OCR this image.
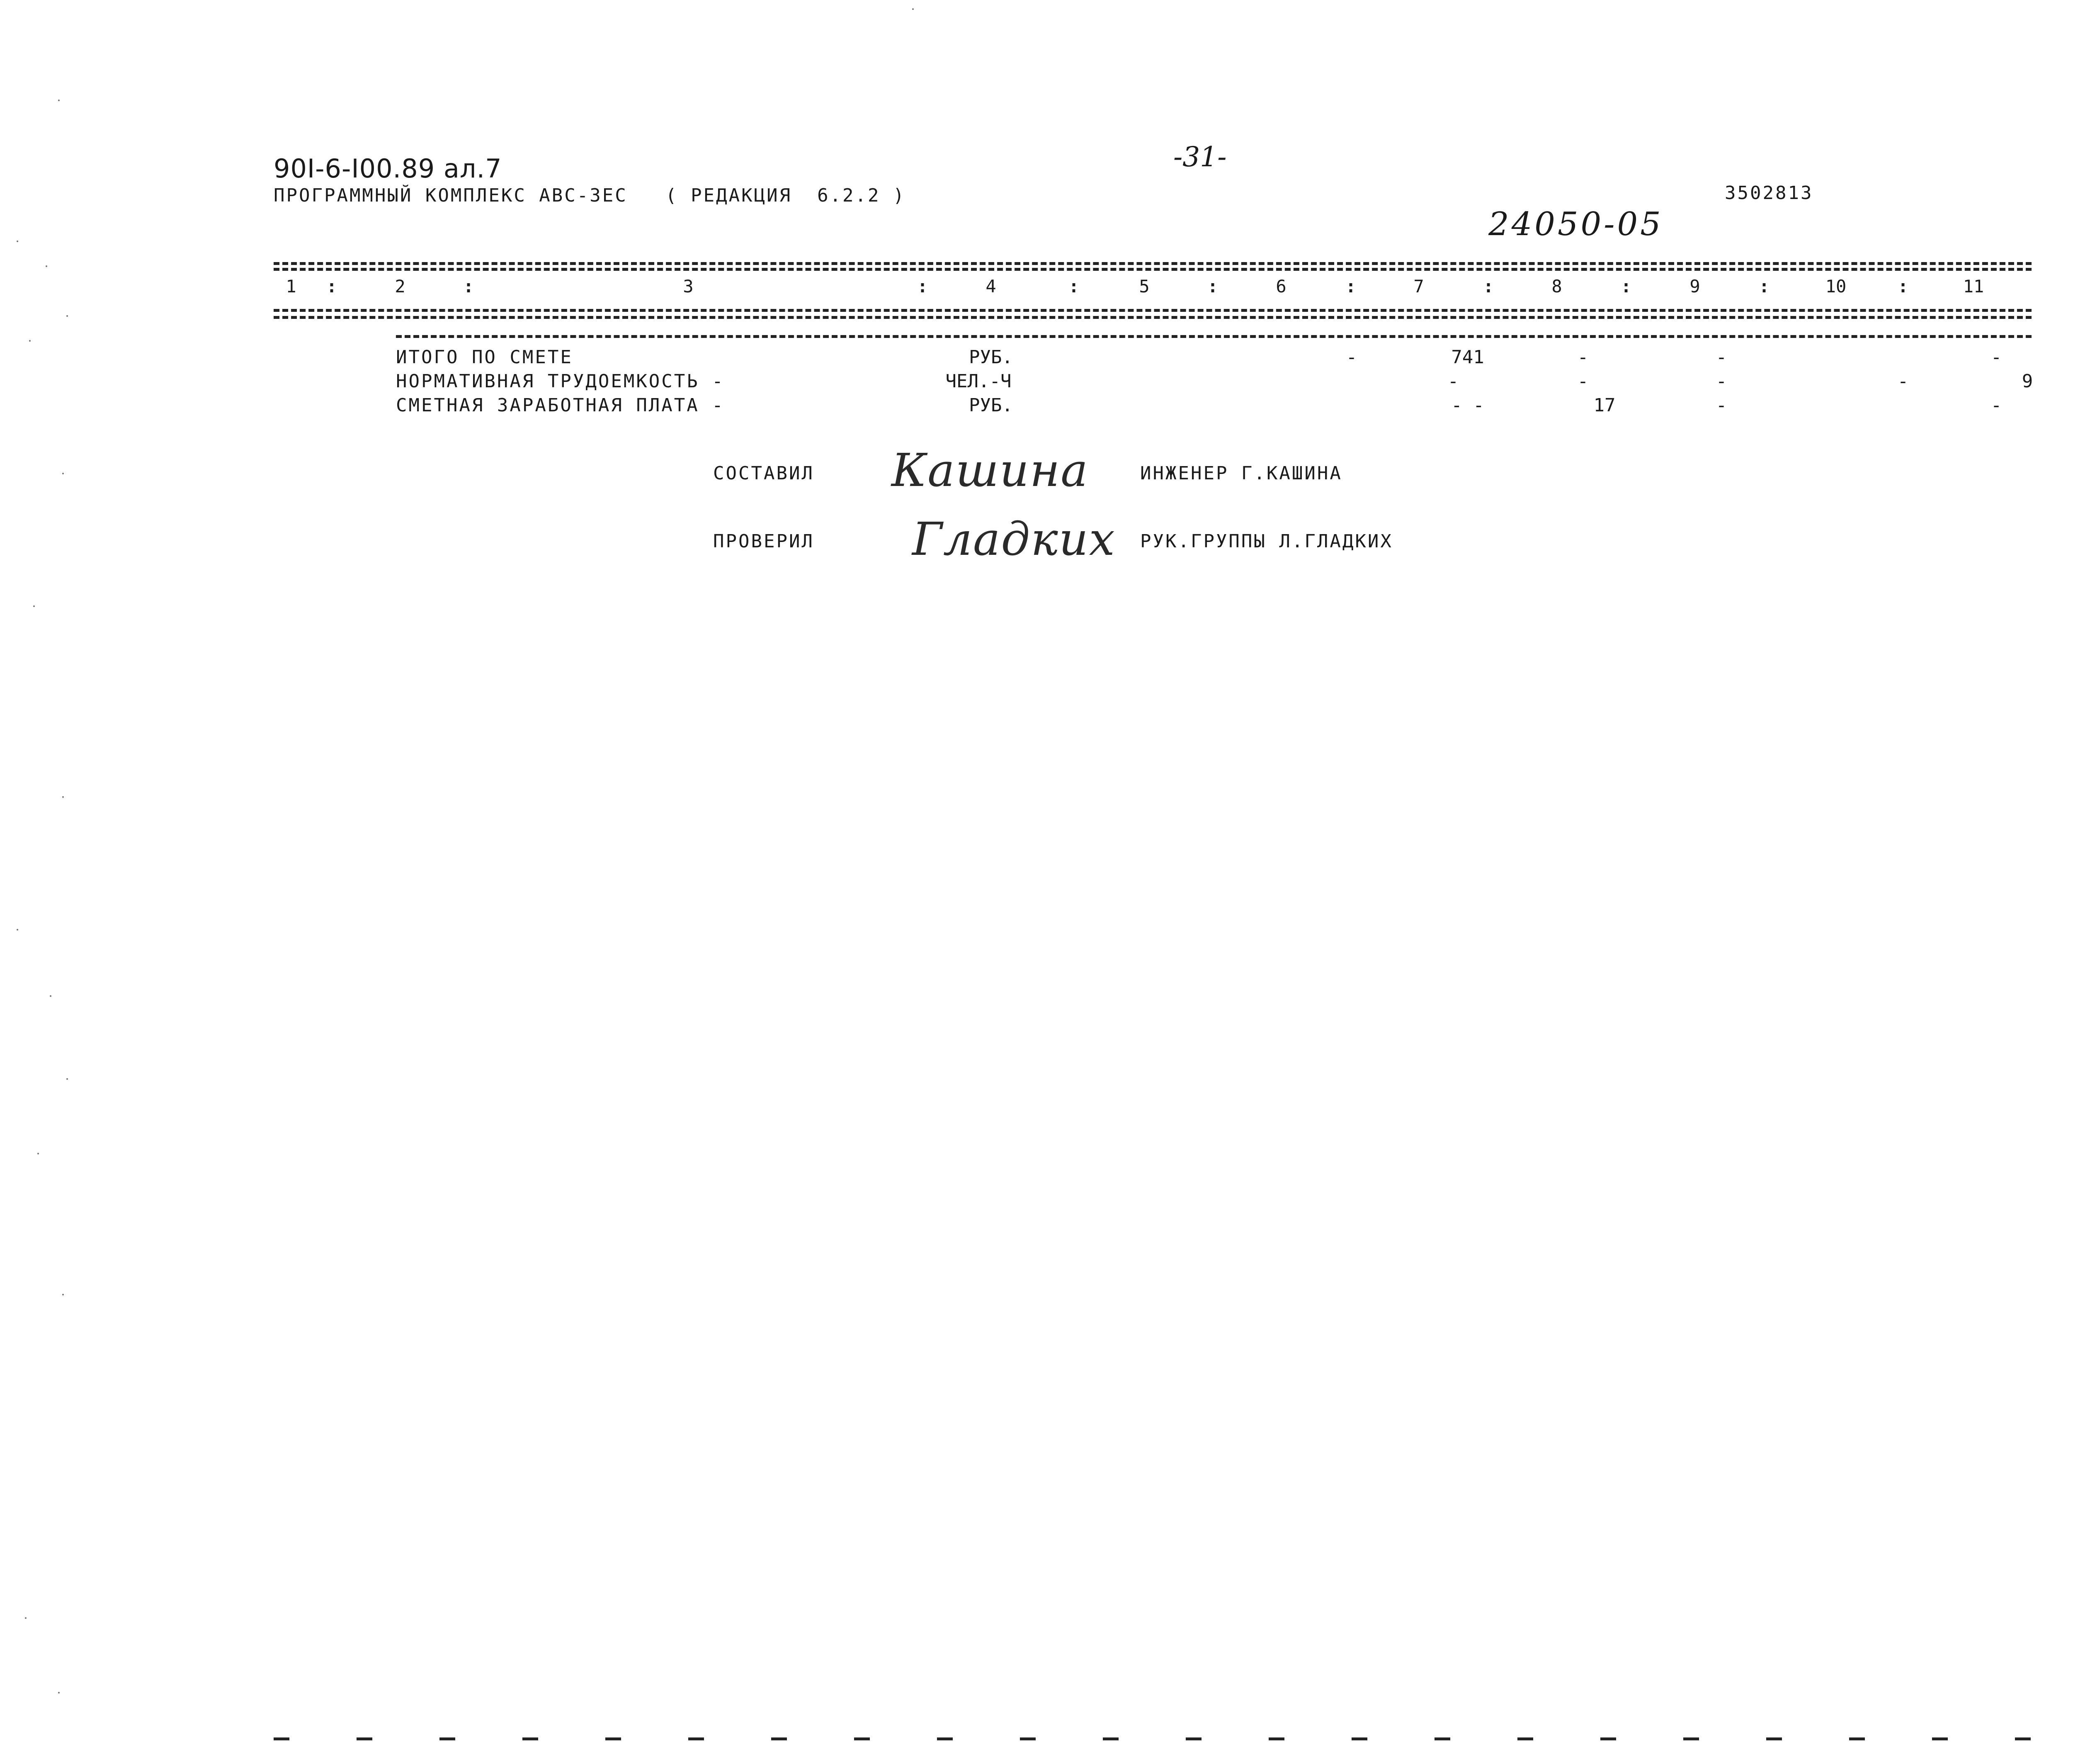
90I-6-I00.89 ал.7
ПРОГРАММНЫЙ КОМПЛЕКС АВС-3ЕС   ( РЕДАКЦИЯ  6.2.2 )
-31-
3502813
24050-05
1 :	2	:	3	:	4	:	5	:	6	:	7	:	8	:	9	:	10	:	11
ИТОГО ПО СМЕТЕ	РУБ.	-	741	-	-	-
НОРМАТИВНАЯ ТРУДОЕМКОСТЬ -	ЧЕЛ.-Ч	-	-	-	-	9
СМЕТНАЯ ЗАРАБОТНАЯ ПЛАТА -	РУБ.	- -	17	-	-
СОСТАВИЛ Кашина	ИНЖЕНЕР Г.КАШИНА
ПРОВЕРИЛ Гладких РУК.ГРУППЫ Л.ГЛАДКИХ
